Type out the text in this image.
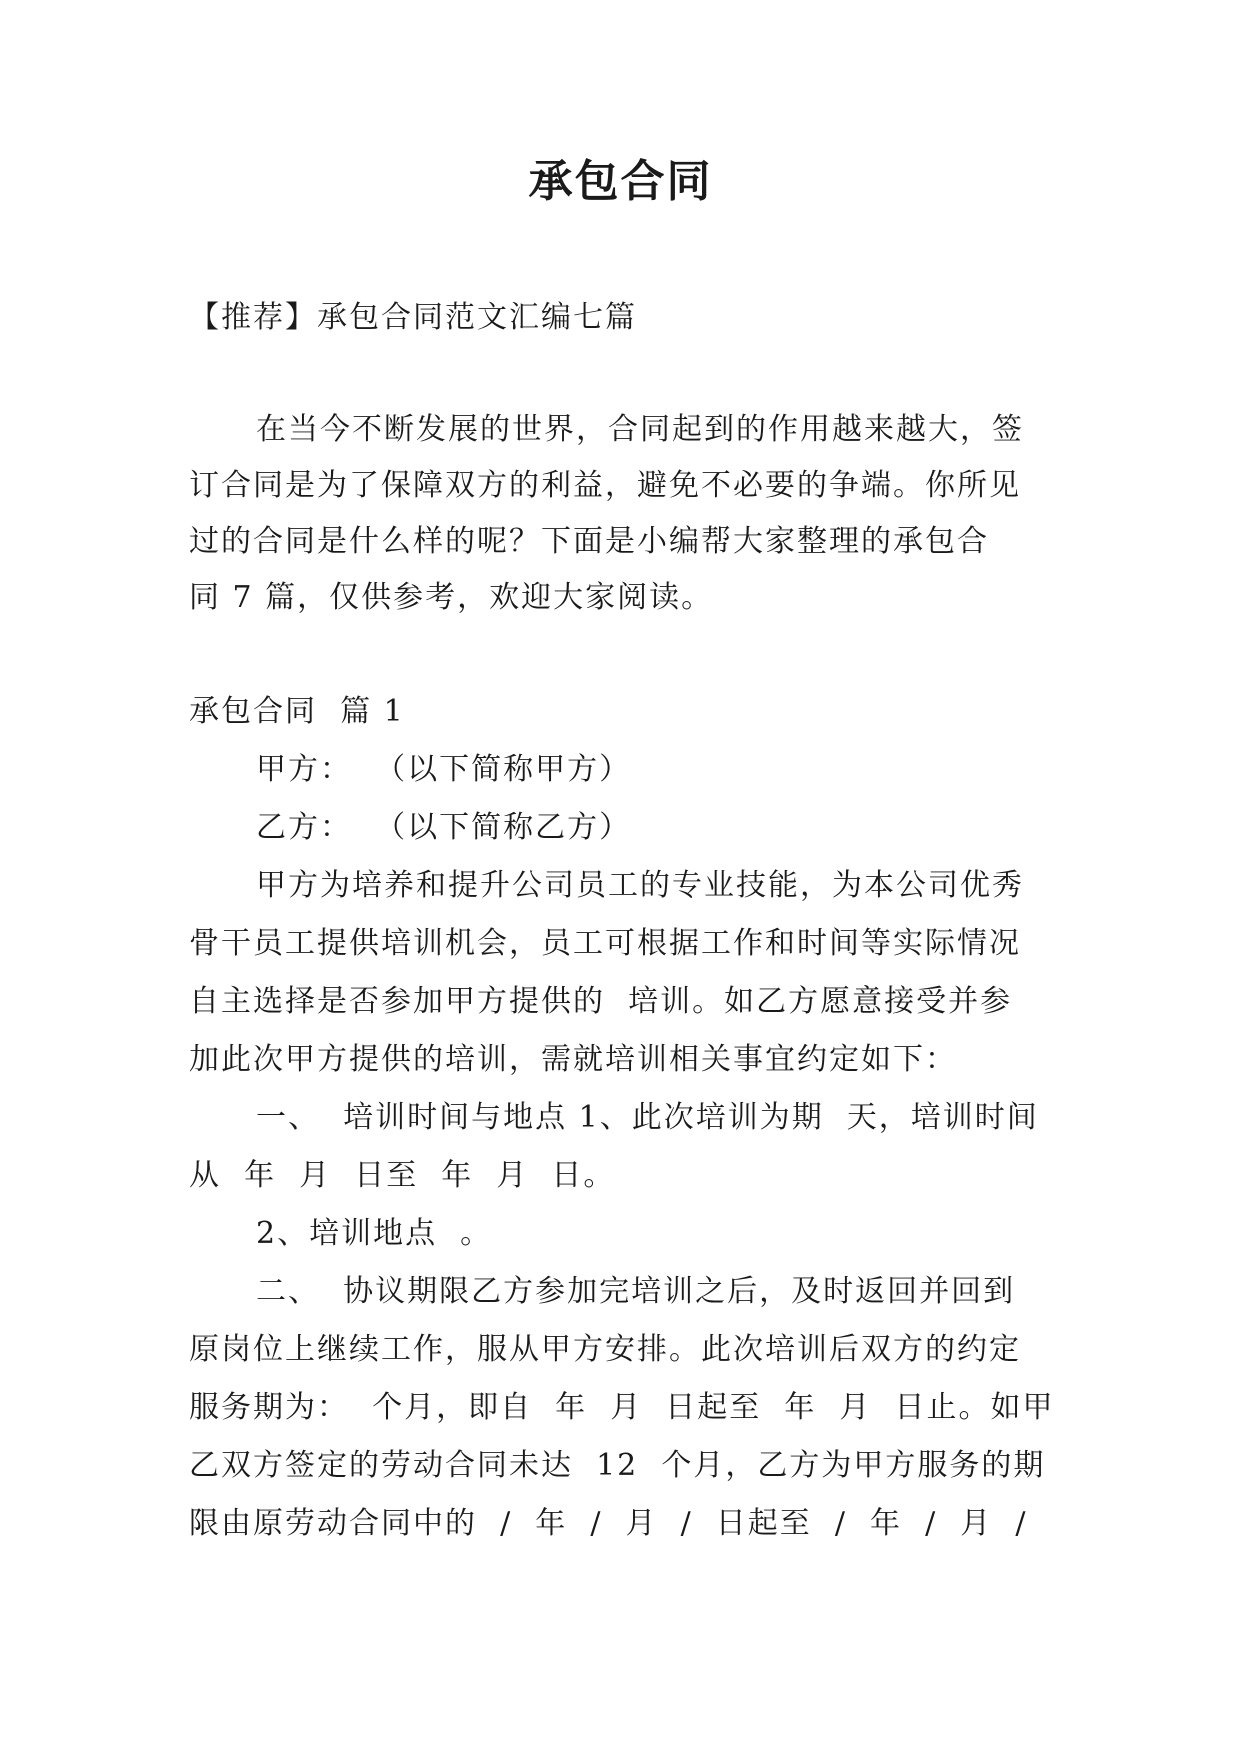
承包合同
【推荐】承包合同范文汇编七篇
在当今不断发展的世界，合同起到的作用越来越大，签
订合同是为了保障双方的利益，避免不必要的争端。你所见
过的合同是什么样的呢？下面是小编帮大家整理的承包合
同 7 篇，仅供参考，欢迎大家阅读。
承包合同  篇 1
甲方：  （以下简称甲方）
乙方：  （以下简称乙方）
甲方为培养和提升公司员工的专业技能，为本公司优秀
骨干员工提供培训机会，员工可根据工作和时间等实际情况
自主选择是否参加甲方提供的  培训。如乙方愿意接受并参
加此次甲方提供的培训，需就培训相关事宜约定如下：
一、  培训时间与地点 1、此次培训为期  天，培训时间
从  年  月  日至  年  月  日。
2、培训地点  。
二、  协议期限乙方参加完培训之后，及时返回并回到
原岗位上继续工作，服从甲方安排。此次培训后双方的约定
服务期为：  个月，即自  年  月  日起至  年  月  日止。如甲
乙双方签定的劳动合同未达  12  个月，乙方为甲方服务的期
限由原劳动合同中的  /  年  /  月  /  日起至  /  年  /  月  /
